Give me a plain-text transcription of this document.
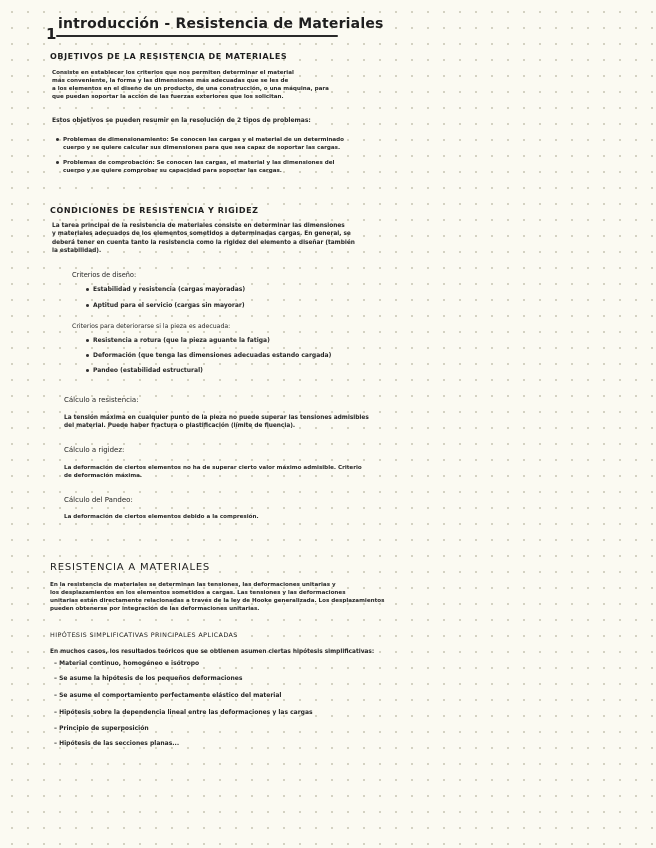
1
introducción - Resistencia de Materiales
OBJETIVOS DE LA RESISTENCIA DE MATERIALES
Consiste en establecer los criterios que nos permiten determinar el material
más conveniente, la forma y las dimensiones más adecuadas que se les de
a los elementos en el diseño de un producto, de una construcción, o una máquina, para
que puedan soportar la acción de las fuerzas exteriores que los solicitan.
Estos objetivos se pueden resumir en la resolución de 2 tipos de problemas:
Problemas de dimensionamiento: Se conocen las cargas y el material de un determinado
cuerpo y se quiere calcular sus dimensiones para que sea capaz de soportar las cargas.
Problemas de comprobación: Se conocen las cargas, el material y las dimensiones del
cuerpo y se quiere comprobar su capacidad para soportar las cargas.
CONDICIONES DE RESISTENCIA Y RIGIDEZ
La tarea principal de la resistencia de materiales consiste en determinar las dimensiones
y materiales adecuados de los elementos sometidos a determinadas cargas. En general, se
deberá tener en cuenta tanto la resistencia como la rigidez del elemento a diseñar (también
la estabilidad).
Criterios de diseño:
Estabilidad y resistencia (cargas mayoradas)
Aptitud para el servicio (cargas sin mayorar)
Criterios para deteriorarse si la pieza es adecuada:
Resistencia a rotura (que la pieza aguante la fatiga)
Deformación (que tenga las dimensiones adecuadas estando cargada)
Pandeo (estabilidad estructural)
Cálculo a resistencia:
La tensión máxima en cualquier punto de la pieza no puede superar las tensiones admisibles
del material. Puede haber fractura o plastificación (límite de fluencia).
Cálculo a rigidez:
La deformación de ciertos elementos no ha de superar cierto valor máximo admisible. Criterio
de deformación máxima.
Cálculo del Pandeo:
La deformación de ciertos elementos debido a la compresión.
RESISTENCIA A MATERIALES
En la resistencia de materiales se determinan las tensiones, las deformaciones unitarias y
los desplazamientos en los elementos sometidos a cargas. Las tensiones y las deformaciones
unitarias están directamente relacionadas a través de la ley de Hooke generalizada. Los desplazamientos
pueden obtenerse por integración de las deformaciones unitarias.
HIPÓTESIS SIMPLIFICATIVAS PRINCIPALES APLICADAS
En muchos casos, los resultados teóricos que se obtienen asumen ciertas hipótesis simplificativas:
– Material continuo, homogéneo e isótropo
– Se asume la hipótesis de los pequeños deformaciones
– Se asume el comportamiento perfectamente elástico del material
– Hipótesis sobre la dependencia lineal entre las deformaciones y las cargas
– Principio de superposición
– Hipótesis de las secciones planas...
